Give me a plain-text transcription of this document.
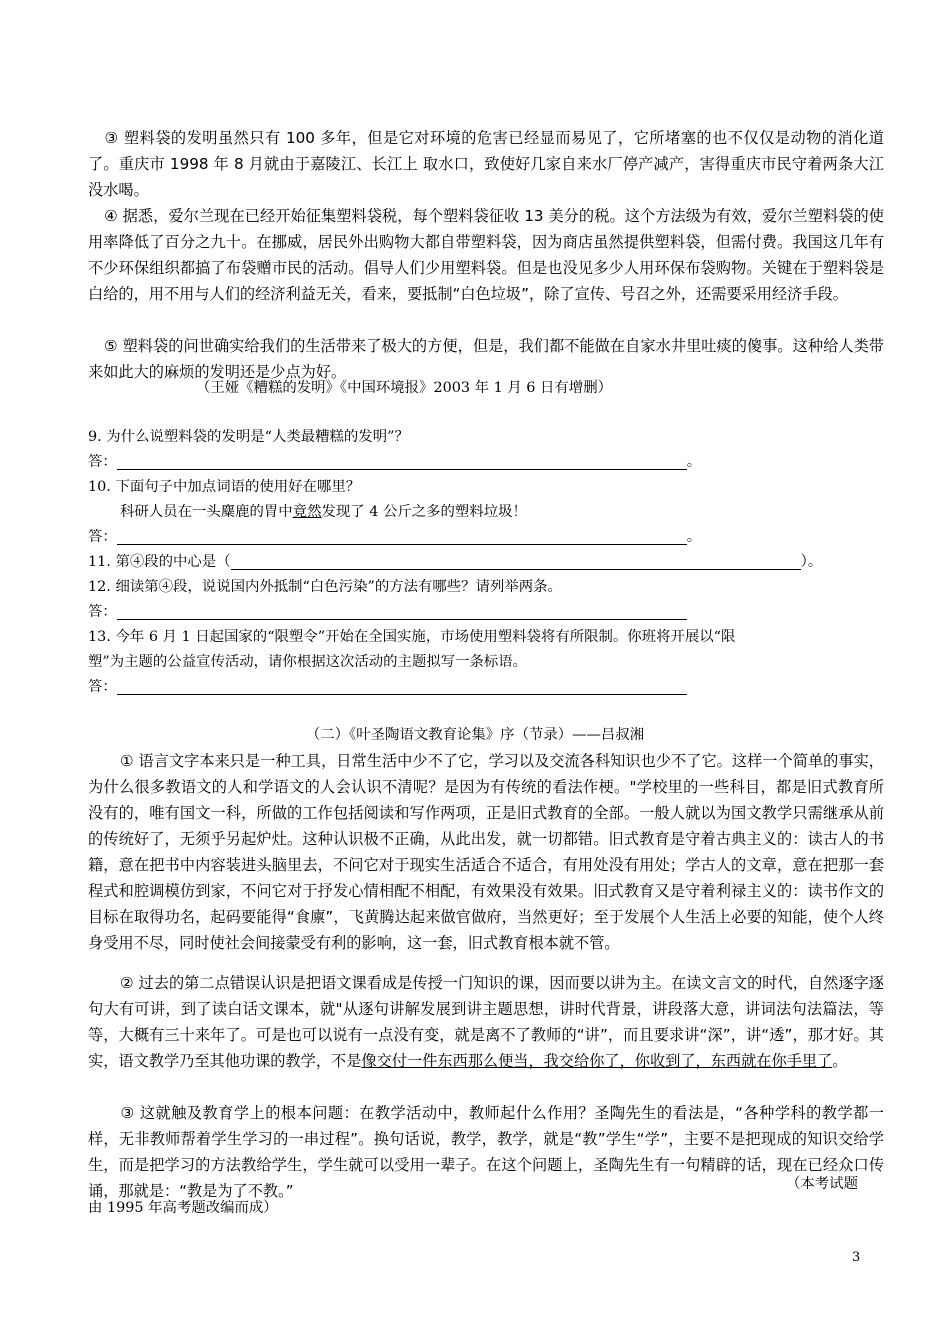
③ 塑料袋的发明虽然只有 100 多年，但是它对环境的危害已经显而易见了，它所堵塞的也不仅仅是动物的消化道了。重庆市 1998 年 8 月就由于嘉陵江、长江上 取水口，致使好几家自来水厂停产减产，害得重庆市民守着两条大江没水喝。
④ 据悉，爱尔兰现在已经开始征集塑料袋税，每个塑料袋征收 13 美分的税。这个方法级为有效，爱尔兰塑料袋的使用率降低了百分之九十。在挪威，居民外出购物大都自带塑料袋，因为商店虽然提供塑料袋，但需付费。我国这几年有不少环保组织都搞了布袋赠市民的活动。倡导人们少用塑料袋。但是也没见多少人用环保布袋购物。关键在于塑料袋是白给的，用不用与人们的经济利益无关，看来，要抵制“白色垃圾”，除了宣传、号召之外，还需要采用经济手段。
⑤ 塑料袋的问世确实给我们的生活带来了极大的方便，但是，我们都不能做在自家水井里吐痰的傻事。这种给人类带来如此大的麻烦的发明还是少点为好。
（王娅《糟糕的发明》《中国环境报》2003 年 1 月 6 日有增删）
9. 为什么说塑料袋的发明是“人类最糟糕的发明”？
答：	。
10. 下面句子中加点词语的使用好在哪里？
科研人员在一头麋鹿的胃中竟然发现了 4 公斤之多的塑料垃圾！
答：	。
11. 第④段的中心是（	）。
12. 细读第④段，说说国内外抵制“白色污染”的方法有哪些？请列举两条。
答：
13. 今年 6 月 1 日起国家的“限塑令”开始在全国实施，市场使用塑料袋将有所限制。你班将开展以“限
塑”为主题的公益宣传活动，请你根据这次活动的主题拟写一条标语。
答：
（二）《叶圣陶语文教育论集》序（节录）——吕叔湘
① 语言文字本来只是一种工具，日常生活中少不了它，学习以及交流各科知识也少不了它。这样一个简单的事实，为什么很多教语文的人和学语文的人会认识不清呢？是因为有传统的看法作梗。"学校里的一些科目，都是旧式教育所没有的，唯有国文一科，所做的工作包括阅读和写作两项，正是旧式教育的全部。一般人就以为国文教学只需继承从前的传统好了，无须乎另起炉灶。这种认识极不正确，从此出发，就一切都错。旧式教育是守着古典主义的：读古人的书籍，意在把书中内容装进头脑里去，不问它对于现实生活适合不适合，有用处没有用处；学古人的文章，意在把那一套程式和腔调模仿到家，不问它对于抒发心情相配不相配，有效果没有效果。旧式教育又是守着利禄主义的：读书作文的目标在取得功名，起码要能得“食廪”，飞黄腾达起来做官做府，当然更好；至于发展个人生活上必要的知能，使个人终身受用不尽，同时使社会间接蒙受有利的影响，这一套，旧式教育根本就不管。
② 过去的第二点错误认识是把语文课看成是传授一门知识的课，因而要以讲为主。在读文言文的时代，自然逐字逐句大有可讲，到了读白话文课本，就"从逐句讲解发展到讲主题思想，讲时代背景，讲段落大意，讲词法句法篇法，等等，大概有三十来年了。可是也可以说有一点没有变，就是离不了教师的“讲”，而且要求讲“深”，讲“透”，那才好。其实，语文教学乃至其他功课的教学，不是像交付一件东西那么便当，我交给你了，你收到了，东西就在你手里了。
③ 这就触及教育学上的根本问题：在教学活动中，教师起什么作用？圣陶先生的看法是，“各种学科的教学都一样，无非教师帮着学生学习的一串过程”。换句话说，教学，教学，就是“教”学生“学”，主要不是把现成的知识交给学生，而是把学习的方法教给学生，学生就可以受用一辈子。在这个问题上，圣陶先生有一句精辟的话，现在已经众口传诵，那就是：“教是为了不教。”	（本考试题
由 1995 年高考题改编而成）
3
